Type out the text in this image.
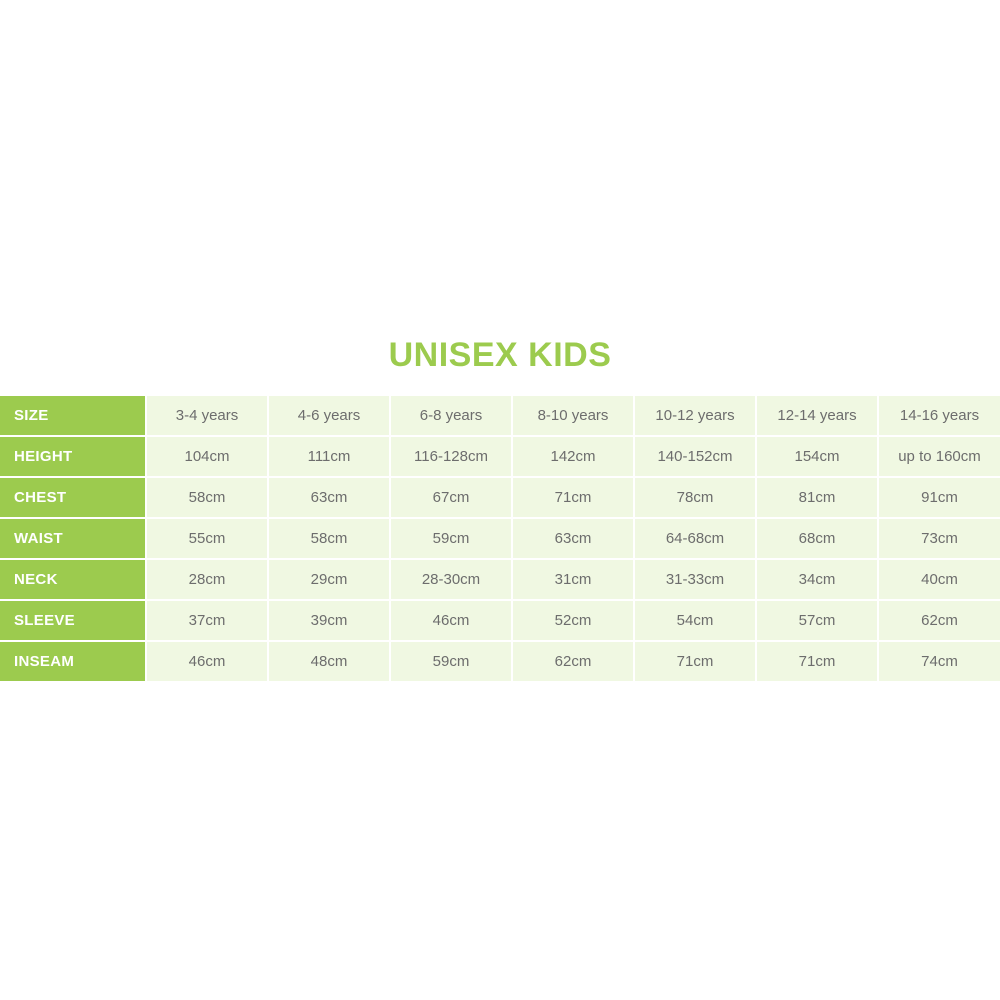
UNISEX KIDS
SIZE	3-4 years	4-6 years	6-8 years	8-10 years	10-12 years	12-14 years	14-16 years
HEIGHT	104cm	111cm	116-128cm	142cm	140-152cm	154cm	up to 160cm
CHEST	58cm	63cm	67cm	71cm	78cm	81cm	91cm
WAIST	55cm	58cm	59cm	63cm	64-68cm	68cm	73cm
NECK	28cm	29cm	28-30cm	31cm	31-33cm	34cm	40cm
SLEEVE	37cm	39cm	46cm	52cm	54cm	57cm	62cm
INSEAM	46cm	48cm	59cm	62cm	71cm	71cm	74cm
